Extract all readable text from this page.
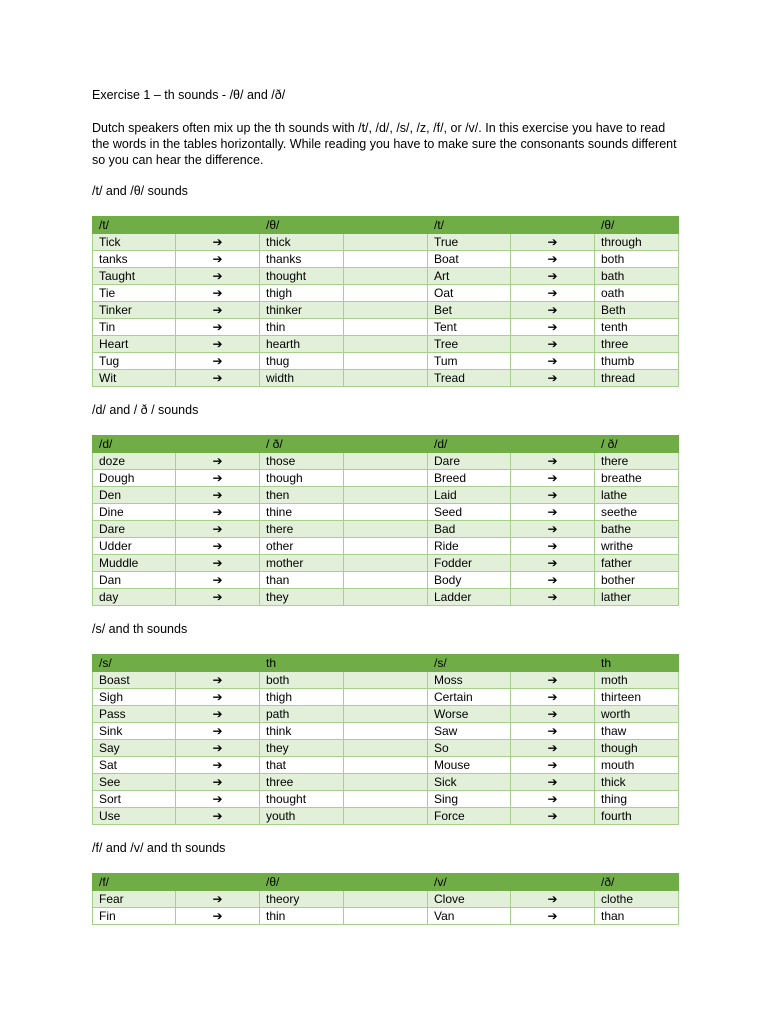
Exercise 1 – th sounds - /θ/ and /ð/

Dutch speakers often mix up the th sounds with /t/, /d/, /s/, /z, /f/, or /v/. In this exercise you have to read the words in the tables horizontally. While reading you have to make sure the consonants sounds different so you can hear the difference.

/t/ and /θ/ sounds

/t/		/θ/		/t/		/θ/
Tick	➔	thick		True	➔	through
tanks	➔	thanks		Boat	➔	both
Taught	➔	thought		Art	➔	bath
Tie	➔	thigh		Oat	➔	oath
Tinker	➔	thinker		Bet	➔	Beth
Tin	➔	thin		Tent	➔	tenth
Heart	➔	hearth		Tree	➔	three
Tug	➔	thug		Tum	➔	thumb
Wit	➔	width		Tread	➔	thread

/d/ and / ð / sounds

/d/		/ ð/		/d/		/ ð/
doze	➔	those		Dare	➔	there
Dough	➔	though		Breed	➔	breathe
Den	➔	then		Laid	➔	lathe
Dine	➔	thine		Seed	➔	seethe
Dare	➔	there		Bad	➔	bathe
Udder	➔	other		Ride	➔	writhe
Muddle	➔	mother		Fodder	➔	father
Dan	➔	than		Body	➔	bother
day	➔	they		Ladder	➔	lather

/s/ and th sounds

/s/		th		/s/		th
Boast	➔	both		Moss	➔	moth
Sigh	➔	thigh		Certain	➔	thirteen
Pass	➔	path		Worse	➔	worth
Sink	➔	think		Saw	➔	thaw
Say	➔	they		So	➔	though
Sat	➔	that		Mouse	➔	mouth
See	➔	three		Sick	➔	thick
Sort	➔	thought		Sing	➔	thing
Use	➔	youth		Force	➔	fourth

/f/ and /v/ and th sounds

/f/		/θ/		/v/		/ð/
Fear	➔	theory		Clove	➔	clothe
Fin	➔	thin		Van	➔	than
